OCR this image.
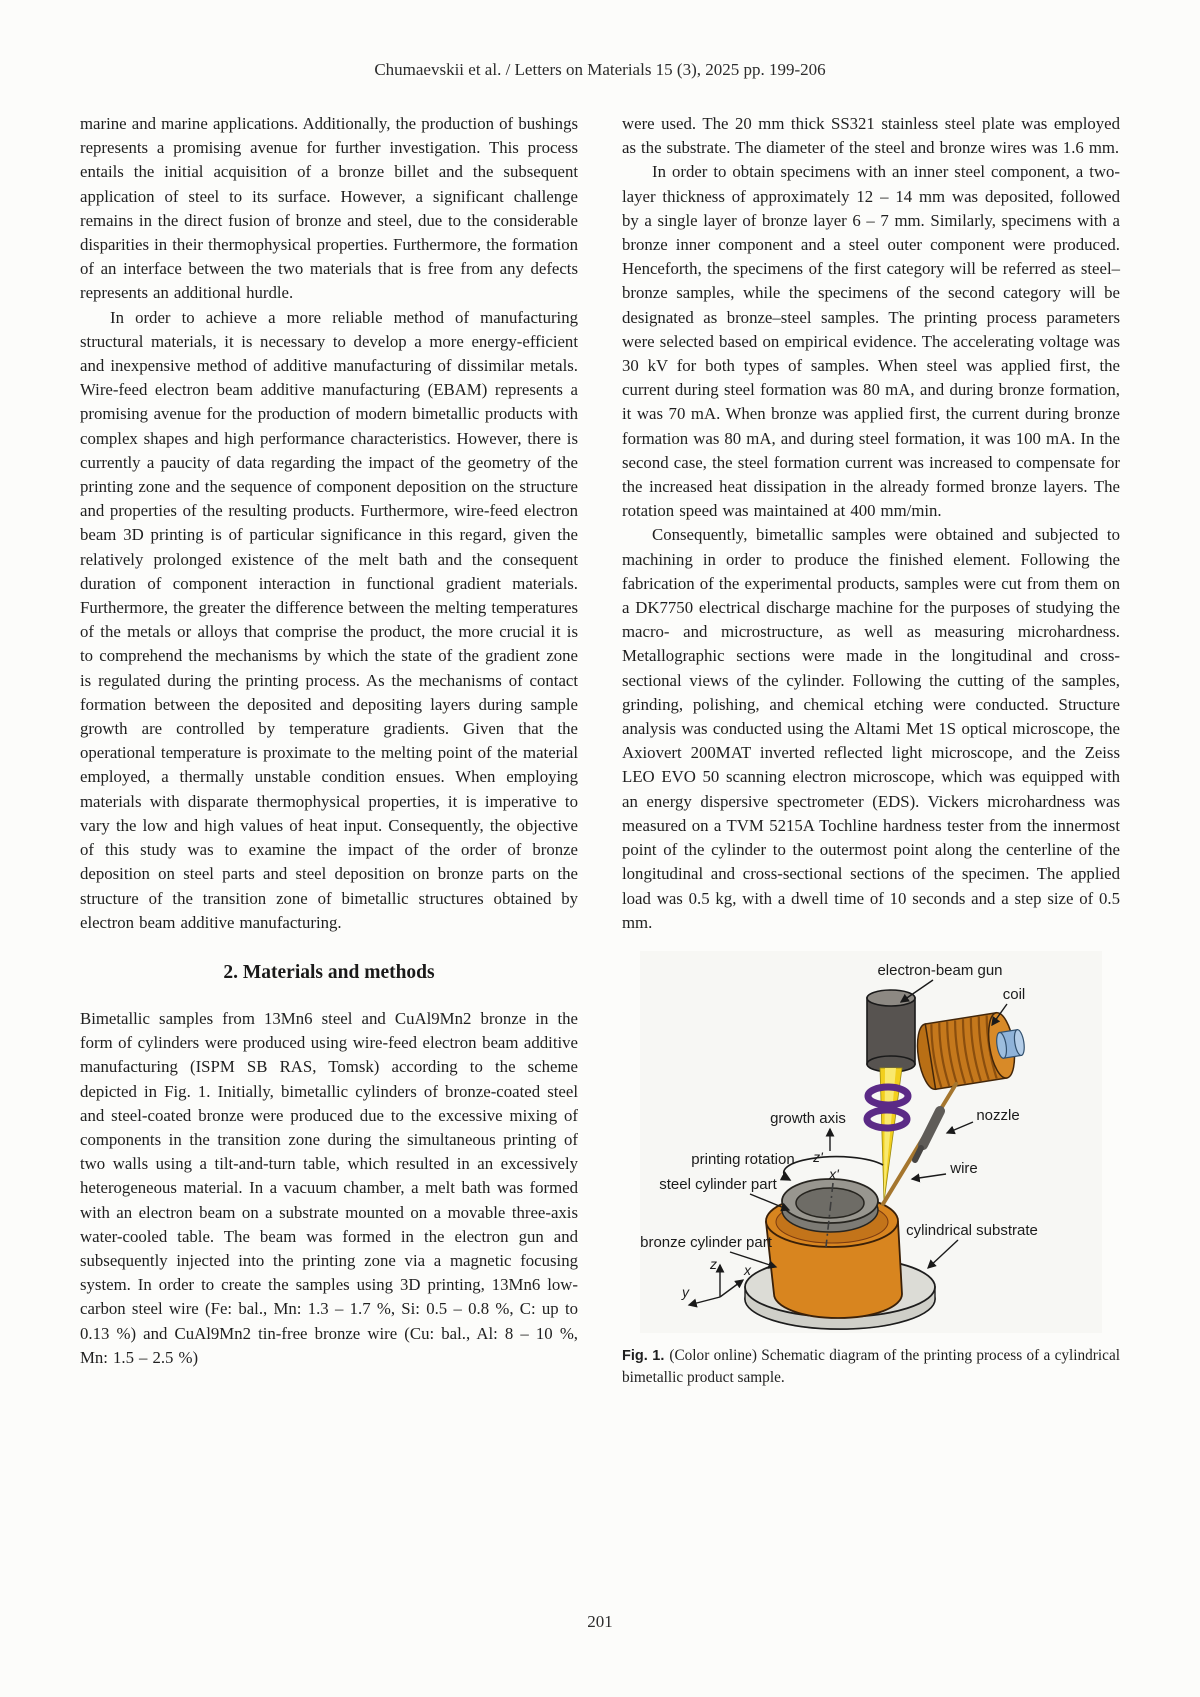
Chumaevskii et al. / Letters on Materials 15 (3), 2025 pp. 199-206

marine and marine applications. Additionally, the production of bushings represents a promising avenue for further investigation. This process entails the initial acquisition of a bronze billet and the subsequent application of steel to its surface. However, a significant challenge remains in the direct fusion of bronze and steel, due to the considerable disparities in their thermophysical properties. Furthermore, the formation of an interface between the two materials that is free from any defects represents an additional hurdle.

In order to achieve a more reliable method of manufacturing structural materials, it is necessary to develop a more energy-efficient and inexpensive method of additive manufacturing of dissimilar metals. Wire-feed electron beam additive manufacturing (EBAM) represents a promising avenue for the production of modern bimetallic products with complex shapes and high performance characteristics. However, there is currently a paucity of data regarding the impact of the geometry of the printing zone and the sequence of component deposition on the structure and properties of the resulting products. Furthermore, wire-feed electron beam 3D printing is of particular significance in this regard, given the relatively prolonged existence of the melt bath and the consequent duration of component interaction in functional gradient materials. Furthermore, the greater the difference between the melting temperatures of the metals or alloys that comprise the product, the more crucial it is to comprehend the mechanisms by which the state of the gradient zone is regulated during the printing process. As the mechanisms of contact formation between the deposited and depositing layers during sample growth are controlled by temperature gradients. Given that the operational temperature is proximate to the melting point of the material employed, a thermally unstable condition ensues. When employing materials with disparate thermophysical properties, it is imperative to vary the low and high values of heat input. Consequently, the objective of this study was to examine the impact of the order of bronze deposition on steel parts and steel deposition on bronze parts on the structure of the transition zone of bimetallic structures obtained by electron beam additive manufacturing.

2. Materials and methods

Bimetallic samples from 13Mn6 steel and CuAl9Mn2 bronze in the form of cylinders were produced using wire-feed electron beam additive manufacturing (ISPM SB RAS, Tomsk) according to the scheme depicted in Fig. 1. Initially, bimetallic cylinders of bronze-coated steel and steel-coated bronze were produced due to the excessive mixing of components in the transition zone during the simultaneous printing of two walls using a tilt-and-turn table, which resulted in an excessively heterogeneous material. In a vacuum chamber, a melt bath was formed with an electron beam on a substrate mounted on a movable three-axis water-cooled table. The beam was formed in the electron gun and subsequently injected into the printing zone via a magnetic focusing system. In order to create the samples using 3D printing, 13Mn6 low-carbon steel wire (Fe: bal., Mn: 1.3 – 1.7 %, Si: 0.5 – 0.8 %, C: up to 0.13 %) and CuAl9Mn2 tin-free bronze wire (Cu: bal., Al: 8 – 10 %, Mn: 1.5 – 2.5 %)

were used. The 20 mm thick SS321 stainless steel plate was employed as the substrate. The diameter of the steel and bronze wires was 1.6 mm.

In order to obtain specimens with an inner steel component, a two-layer thickness of approximately 12 – 14 mm was deposited, followed by a single layer of bronze layer 6 – 7 mm. Similarly, specimens with a bronze inner component and a steel outer component were produced. Henceforth, the specimens of the first category will be referred as steel–bronze samples, while the specimens of the second category will be designated as bronze–steel samples. The printing process parameters were selected based on empirical evidence. The accelerating voltage was 30 kV for both types of samples. When steel was applied first, the current during steel formation was 80 mA, and during bronze formation, it was 70 mA. When bronze was applied first, the current during bronze formation was 80 mA, and during steel formation, it was 100 mA. In the second case, the steel formation current was increased to compensate for the increased heat dissipation in the already formed bronze layers. The rotation speed was maintained at 400 mm/min.

Consequently, bimetallic samples were obtained and subjected to machining in order to produce the finished element. Following the fabrication of the experimental products, samples were cut from them on a DK7750 electrical discharge machine for the purposes of studying the macro- and microstructure, as well as measuring microhardness. Metallographic sections were made in the longitudinal and cross-sectional views of the cylinder. Following the cutting of the samples, grinding, polishing, and chemical etching were conducted. Structure analysis was conducted using the Altami Met 1S optical microscope, the Axiovert 200MAT inverted reflected light microscope, and the Zeiss LEO EVO 50 scanning electron microscope, which was equipped with an energy dispersive spectrometer (EDS). Vickers microhardness was measured on a TVM 5215A Tochline hardness tester from the innermost point of the cylinder to the outermost point along the centerline of the longitudinal and cross-sectional sections of the specimen. The applied load was 0.5 kg, with a dwell time of 10 seconds and a step size of 0.5 mm.

z x
y
electron-beam gun
coil
nozzle
wire
growth axis
z'
x'
printing rotation
steel cylinder part
bronze cylinder part
cylindrical substrate
Fig. 1. (Color online) Schematic diagram of the printing process of a cylindrical bimetallic product sample.
201
